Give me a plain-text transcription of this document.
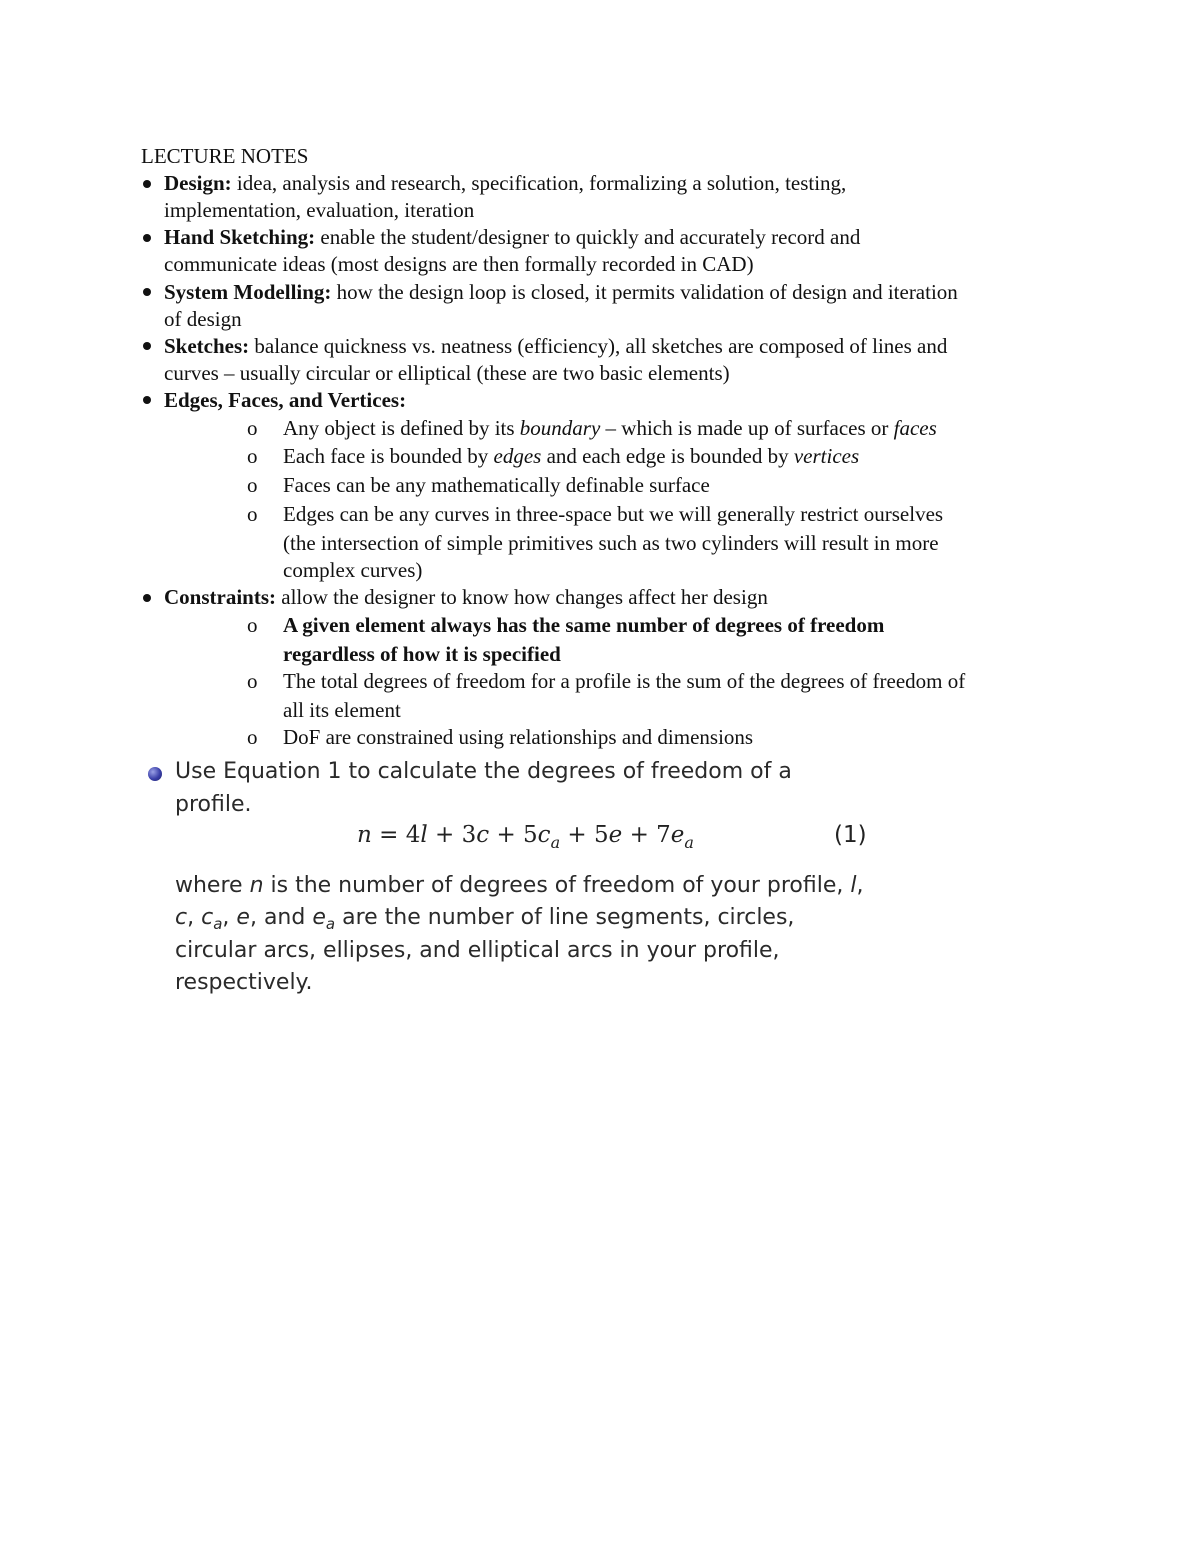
LECTURE NOTES
Design: idea, analysis and research, specification, formalizing a solution, testing,
implementation, evaluation, iteration
Hand Sketching: enable the student/designer to quickly and accurately record and
communicate ideas (most designs are then formally recorded in CAD)
System Modelling: how the design loop is closed, it permits validation of design and iteration
of design
Sketches: balance quickness vs. neatness (efficiency), all sketches are composed of lines and
curves – usually circular or elliptical (these are two basic elements)
Edges, Faces, and Vertices:
o Any object is defined by its boundary – which is made up of surfaces or faces
o Each face is bounded by edges and each edge is bounded by vertices
o Faces can be any mathematically definable surface
o Edges can be any curves in three-space but we will generally restrict ourselves
(the intersection of simple primitives such as two cylinders will result in more
complex curves)
Constraints: allow the designer to know how changes affect her design
o A given element always has the same number of degrees of freedom
regardless of how it is specified
o The total degrees of freedom for a profile is the sum of the degrees of freedom of
all its element
o DoF are constrained using relationships and dimensions
Use Equation 1 to calculate the degrees of freedom of a
profile.
$n = 4l + 3c + 5c_a + 5e + 7e_a$	(1)
where n is the number of degrees of freedom of your profile, l,
c, $c_a$, e, and $e_a$ are the number of line segments, circles,
circular arcs, ellipses, and elliptical arcs in your profile,
respectively.
